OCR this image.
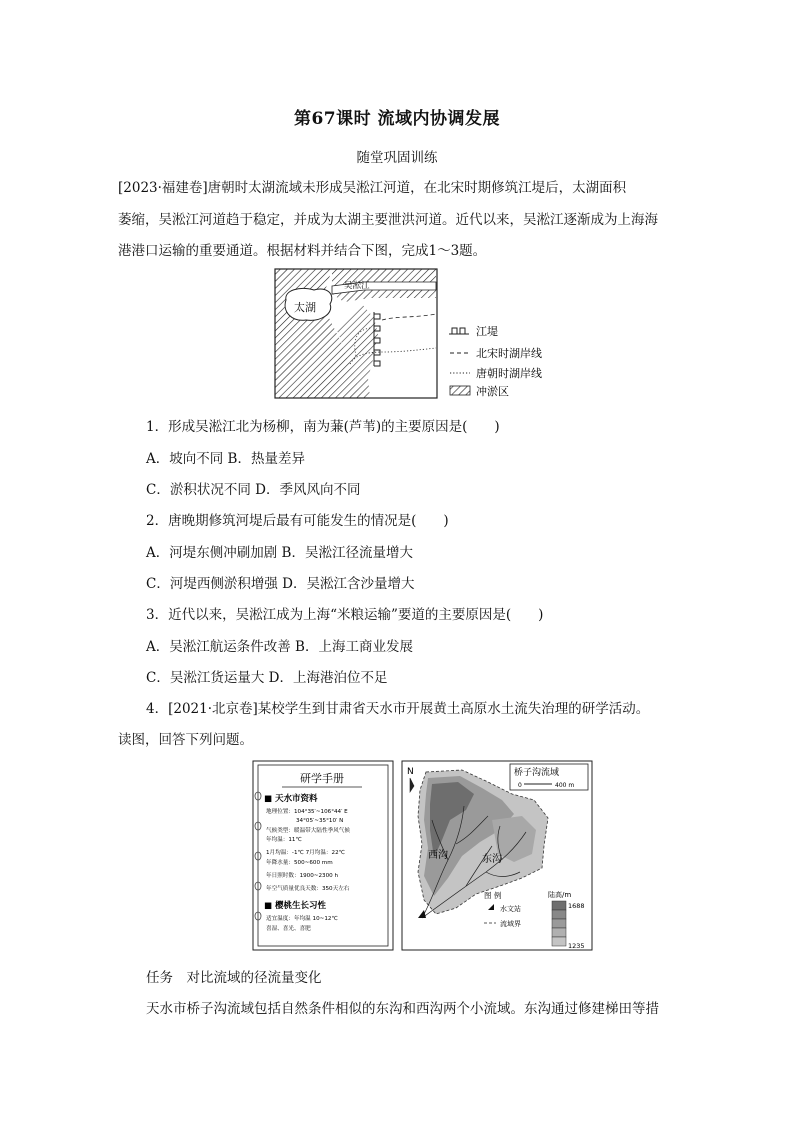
第67课时 流域内协调发展
随堂巩固训练
[2023·福建卷]唐朝时太湖流域未形成吴淞江河道，在北宋时期修筑江堤后，太湖面积
萎缩，吴淞江河道趋于稳定，并成为太湖主要泄洪河道。近代以来，吴淞江逐渐成为上海海
港港口运输的重要通道。根据材料并结合下图，完成1～3题。
太湖
吴淞江
江堤
北宋时湖岸线
唐朝时湖岸线
冲淤区
1．形成吴淞江北为杨柳，南为蒹(芦苇)的主要原因是(　　)
A．坡向不同 B．热量差异
C．淤积状况不同 D．季风风向不同
2．唐晚期修筑河堤后最有可能发生的情况是(　　)
A．河堤东侧冲刷加剧 B．吴淞江径流量增大
C．河堤西侧淤积增强 D．吴淞江含沙量增大
3．近代以来，吴淞江成为上海“米粮运输”要道的主要原因是(　　)
A．吴淞江航运条件改善 B．上海工商业发展
C．吴淞江货运量大 D．上海港泊位不足
4．[2021·北京卷]某校学生到甘肃省天水市开展黄土高原水土流失治理的研学活动。
读图，回答下列问题。
研学手册
■ 天水市资料
地理位置：104°35′~106°44′ E
34°05′~35°10′ N
气候类型：暖温带大陆性季风气候
年均温：11℃
1月均温：-1℃ 7月均温：22℃
年降水量：500~600 mm
年日照时数：1900~2300 h
年空气质量优良天数：350天左右
■ 樱桃生长习性
适宜温度：年均温 10~12℃
喜湿、喜光、喜肥
N	桥子沟流域
0	400 m
西沟	东沟
图 例
水文站
流域界
陆高/m
1688
1235
任务　对比流域的径流量变化
天水市桥子沟流域包括自然条件相似的东沟和西沟两个小流域。东沟通过修建梯田等措
